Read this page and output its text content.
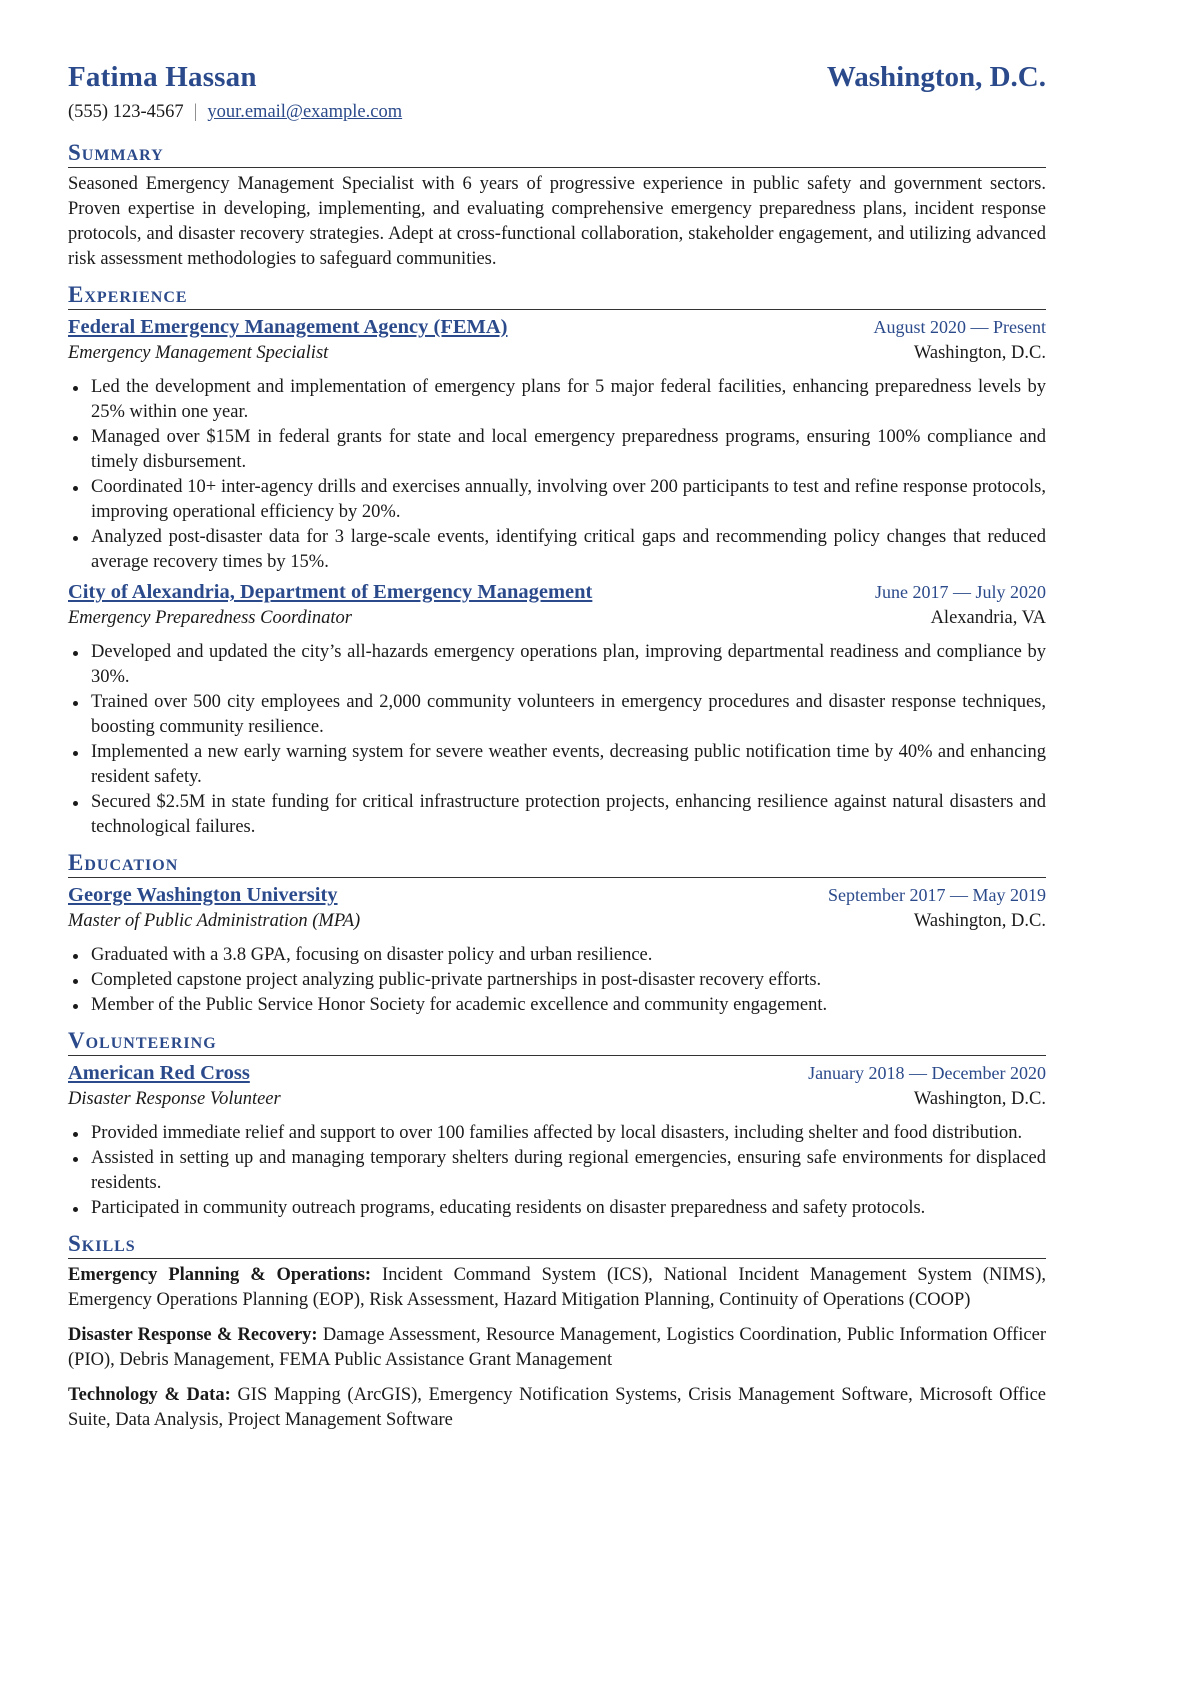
Fatima Hassan	Washington, D.C.
(555) 123-4567 | your.email@example.com
Summary
Seasoned Emergency Management Specialist with 6 years of progressive experience in public safety and government sectors. Proven expertise in developing, implementing, and evaluating comprehensive emergency preparedness plans, incident response protocols, and disaster recovery strategies. Adept at cross-functional collaboration, stakeholder engagement, and utilizing advanced risk assessment methodologies to safeguard communities.
Experience
Federal Emergency Management Agency (FEMA)	August 2020 — Present
Emergency Management Specialist	Washington, D.C.
Led the development and implementation of emergency plans for 5 major federal facilities, enhancing preparedness levels by 25% within one year.
Managed over $15M in federal grants for state and local emergency preparedness programs, ensuring 100% compliance and timely disbursement.
Coordinated 10+ inter-agency drills and exercises annually, involving over 200 participants to test and refine response protocols, improving operational efficiency by 20%.
Analyzed post-disaster data for 3 large-scale events, identifying critical gaps and recommending policy changes that reduced average recovery times by 15%.
City of Alexandria, Department of Emergency Management	June 2017 — July 2020
Emergency Preparedness Coordinator	Alexandria, VA
Developed and updated the city’s all-hazards emergency operations plan, improving departmental readiness and compliance by 30%.
Trained over 500 city employees and 2,000 community volunteers in emergency procedures and disaster response techniques, boosting community resilience.
Implemented a new early warning system for severe weather events, decreasing public notification time by 40% and enhancing resident safety.
Secured $2.5M in state funding for critical infrastructure protection projects, enhancing resilience against natural disasters and technological failures.
Education
George Washington University	September 2017 — May 2019
Master of Public Administration (MPA)	Washington, D.C.
Graduated with a 3.8 GPA, focusing on disaster policy and urban resilience.
Completed capstone project analyzing public-private partnerships in post-disaster recovery efforts.
Member of the Public Service Honor Society for academic excellence and community engagement.
Volunteering
American Red Cross	January 2018 — December 2020
Disaster Response Volunteer	Washington, D.C.
Provided immediate relief and support to over 100 families affected by local disasters, including shelter and food distribution.
Assisted in setting up and managing temporary shelters during regional emergencies, ensuring safe environments for displaced residents.
Participated in community outreach programs, educating residents on disaster preparedness and safety protocols.
Skills
Emergency Planning & Operations: Incident Command System (ICS), National Incident Management System (NIMS), Emergency Operations Planning (EOP), Risk Assessment, Hazard Mitigation Planning, Continuity of Operations (COOP)
Disaster Response & Recovery: Damage Assessment, Resource Management, Logistics Coordination, Public Information Officer (PIO), Debris Management, FEMA Public Assistance Grant Management
Technology & Data: GIS Mapping (ArcGIS), Emergency Notification Systems, Crisis Management Software, Microsoft Office Suite, Data Analysis, Project Management Software
